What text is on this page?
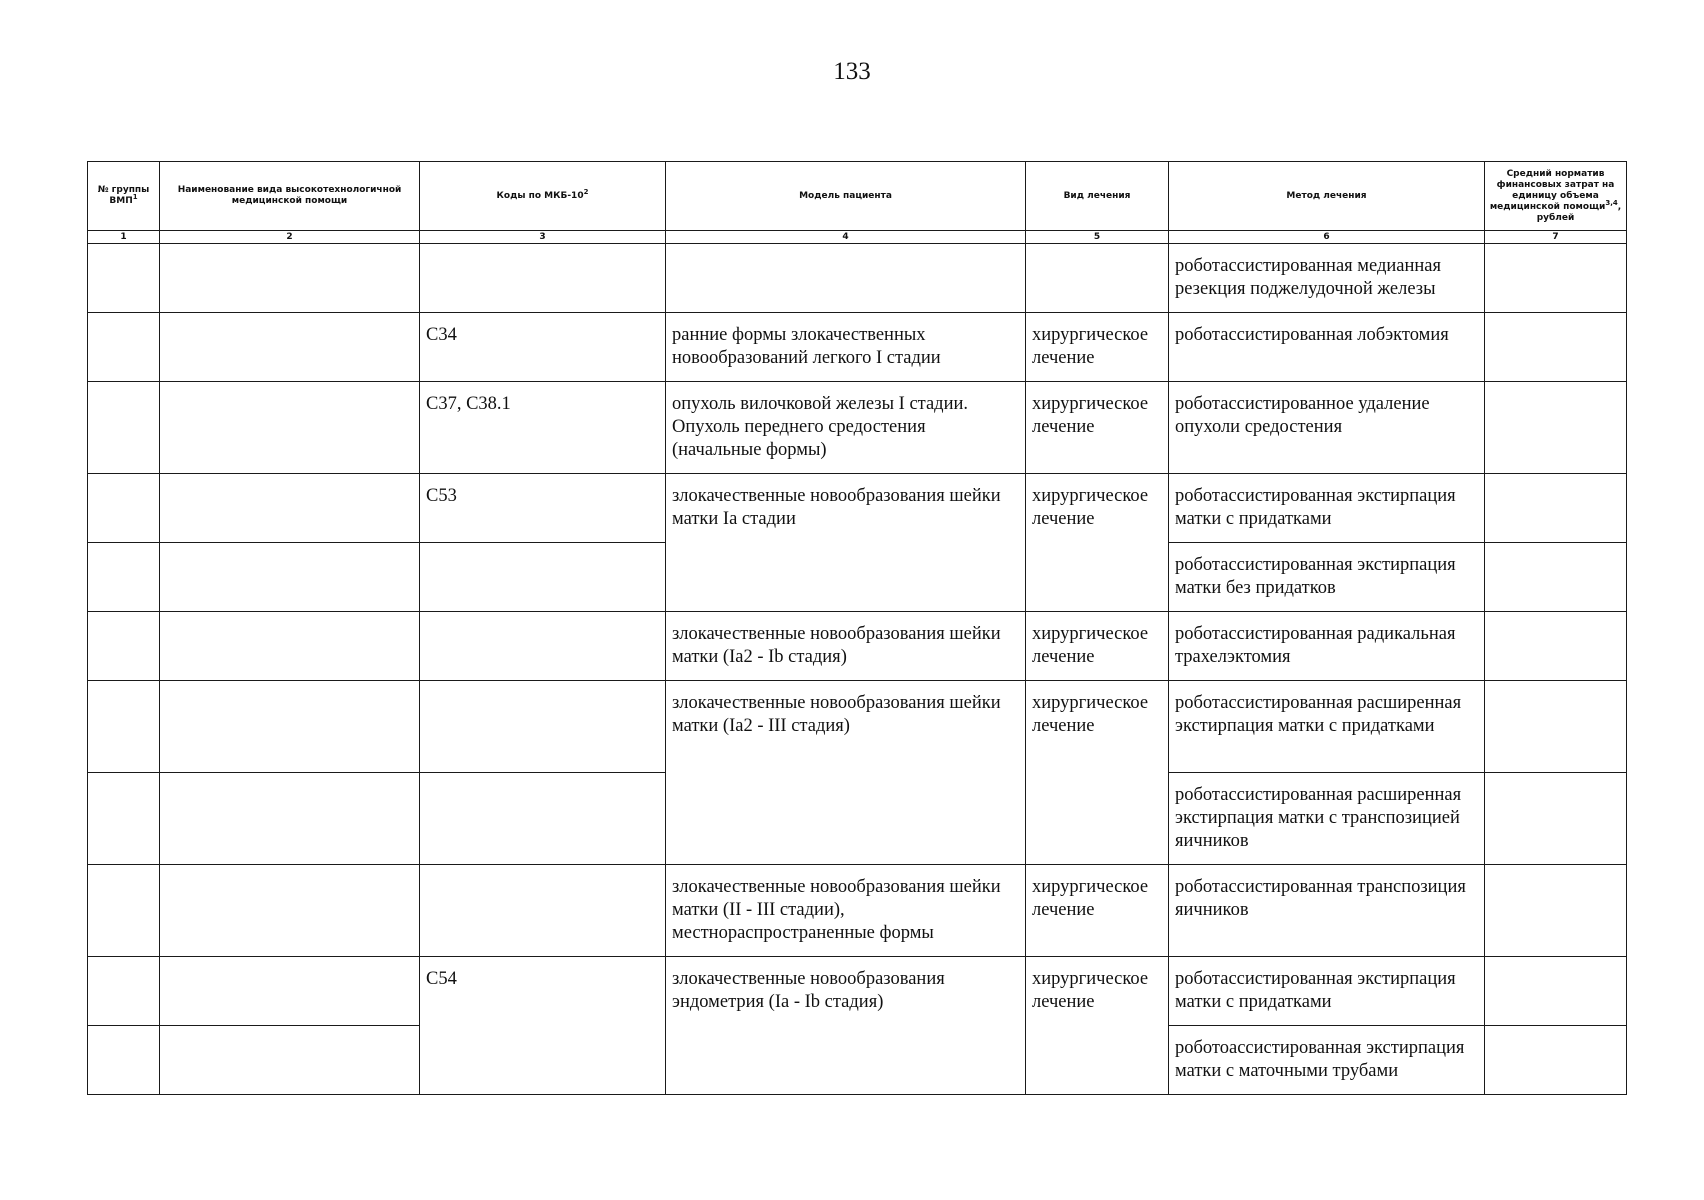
133
№ группы ВМП$^1$	Наименование вида высокотехнологичной медицинской помощи	Коды по МКБ-$10^2$	Модель пациента	Вид лечения	Метод лечения	Средний норматив финансовых затрат на единицу объема медицинской помощи$^{3,4}$, рублей
1	2	3	4	5	6	7
					роботассистированная медианная резекция поджелудочной железы	
		C34	ранние формы злокачественных новообразований легкого I стадии	хирургическое лечение	роботассистированная лобэктомия	
		C37, C38.1	опухоль вилочковой железы I стадии. Опухоль переднего средостения (начальные формы)	хирургическое лечение	роботассистированное удаление опухоли средостения	
		C53	злокачественные новообразования шейки матки Ia стадии	хирургическое лечение	роботассистированная экстирпация матки с придатками	
					роботассистированная экстирпация матки без придатков	
			злокачественные новообразования шейки матки (Ia2 - Ib стадия)	хирургическое лечение	роботассистированная радикальная трахелэктомия	
			злокачественные новообразования шейки матки (Ia2 - III стадия)	хирургическое лечение	роботассистированная расширенная экстирпация матки с придатками	
					роботассистированная расширенная экстирпация матки с транспозицией яичников	
			злокачественные новообразования шейки матки (II - III стадии), местнораспространенные формы	хирургическое лечение	роботассистированная транспозиция яичников	
		C54	злокачественные новообразования эндометрия (Ia - Ib стадия)	хирургическое лечение	роботассистированная экстирпация матки с придатками	
					роботоассистированная экстирпация матки с маточными трубами	
